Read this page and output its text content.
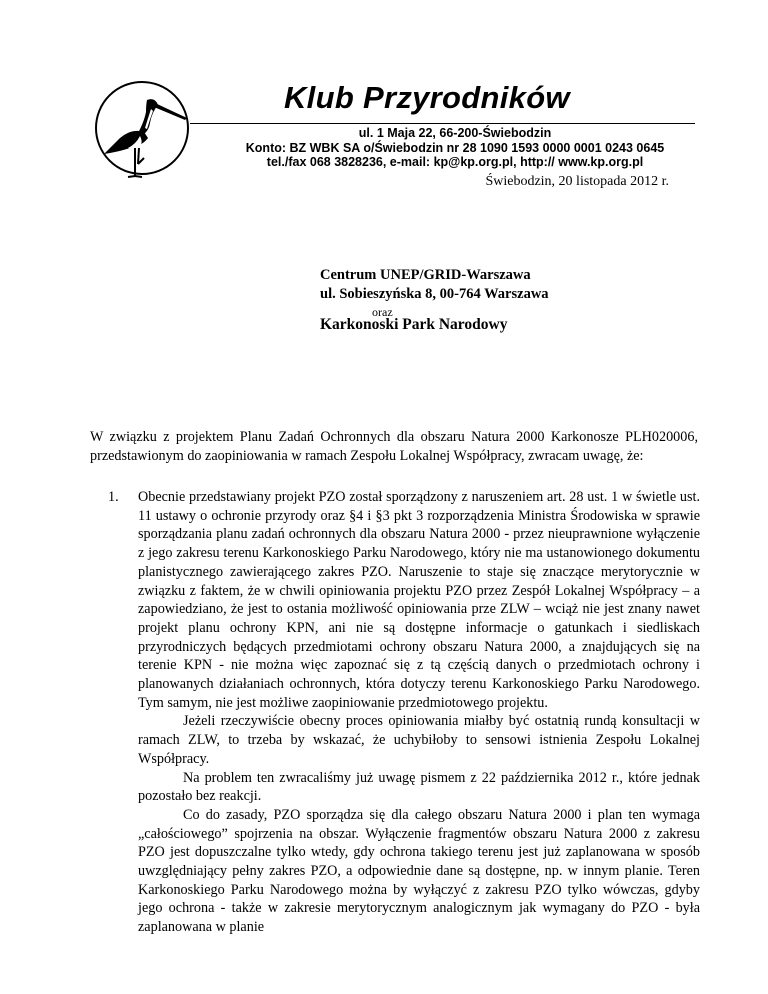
Klub Przyrodników
ul. 1 Maja 22, 66-200-Świebodzin
Konto: BZ WBK SA o/Świebodzin nr 28 1090 1593 0000 0001 0243 0645
tel./fax 068 3828236, e-mail: kp@kp.org.pl, http:// www.kp.org.pl
Świebodzin, 20 listopada 2012 r.
Centrum UNEP/GRID-Warszawa
ul. Sobieszyńska 8, 00-764 Warszawa
oraz
Karkonoski Park Narodowy
W związku z projektem Planu Zadań Ochronnych dla obszaru Natura 2000 Karkonosze PLH020006, przedstawionym do zaopiniowania w ramach Zespołu Lokalnej Współpracy, zwracam uwagę, że:
1. Obecnie przedstawiany projekt PZO został sporządzony z naruszeniem art. 28 ust. 1 w świetle ust. 11 ustawy o ochronie przyrody oraz §4 i §3 pkt 3 rozporządzenia Ministra Środowiska w sprawie sporządzania planu zadań ochronnych dla obszaru Natura 2000 - przez nieuprawnione wyłączenie z jego zakresu terenu Karkonoskiego Parku Narodowego, który nie ma ustanowionego dokumentu planistycznego zawierającego zakres PZO. Naruszenie to staje się znaczące merytorycznie w związku z faktem, że w chwili opiniowania projektu PZO przez Zespół Lokalnej Współpracy – a zapowiedziano, że jest to ostania możliwość opiniowania prze ZLW – wciąż nie jest znany nawet projekt planu ochrony KPN, ani nie są dostępne informacje o gatunkach i siedliskach przyrodniczych będących przedmiotami ochrony obszaru Natura 2000, a znajdujących się na terenie KPN - nie można więc zapoznać się z tą częścią danych o przedmiotach ochrony i planowanych działaniach ochronnych, która dotyczy terenu Karkonoskiego Parku Narodowego. Tym samym, nie jest możliwe zaopiniowanie przedmiotowego projektu.

Jeżeli rzeczywiście obecny proces opiniowania miałby być ostatnią rundą konsultacji w ramach ZLW, to trzeba by wskazać, że uchybiłoby to sensowi istnienia Zespołu Lokalnej Współpracy.

Na problem ten zwracaliśmy już uwagę pismem z 22 października 2012 r., które jednak pozostało bez reakcji.

Co do zasady, PZO sporządza się dla całego obszaru Natura 2000 i plan ten wymaga „całościowego” spojrzenia na obszar. Wyłączenie fragmentów obszaru Natura 2000 z zakresu PZO jest dopuszczalne tylko wtedy, gdy ochrona takiego terenu jest już zaplanowana w sposób uwzględniający pełny zakres PZO, a odpowiednie dane są dostępne, np. w innym planie. Teren Karkonoskiego Parku Narodowego można by wyłączyć z zakresu PZO tylko wówczas, gdyby jego ochrona - także w zakresie merytorycznym analogicznym jak wymagany do PZO - była zaplanowana w planie
